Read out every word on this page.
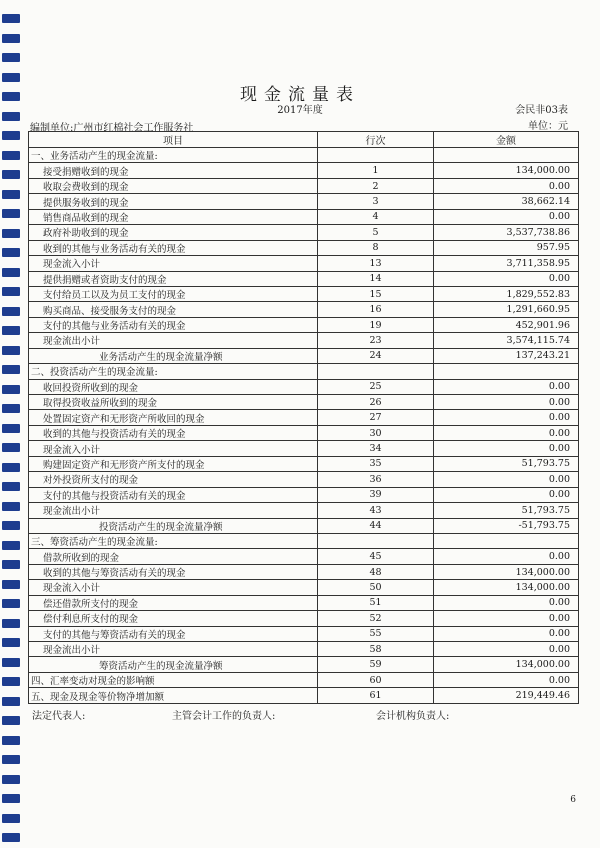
现金流量表
2017年度	会民非03表
编制单位:广州市红棉社会工作服务社	单位：元
项目	行次	金额
一、业务活动产生的现金流量:		
接受捐赠收到的现金	1	134,000.00
收取会费收到的现金	2	0.00
提供服务收到的现金	3	38,662.14
销售商品收到的现金	4	0.00
政府补助收到的现金	5	3,537,738.86
收到的其他与业务活动有关的现金	8	957.95
现金流入小计	13	3,711,358.95
提供捐赠或者资助支付的现金	14	0.00
支付给员工以及为员工支付的现金	15	1,829,552.83
购买商品、接受服务支付的现金	16	1,291,660.95
支付的其他与业务活动有关的现金	19	452,901.96
现金流出小计	23	3,574,115.74
业务活动产生的现金流量净额	24	137,243.21
二、投资活动产生的现金流量:		
收回投资所收到的现金	25	0.00
取得投资收益所收到的现金	26	0.00
处置固定资产和无形资产所收回的现金	27	0.00
收到的其他与投资活动有关的现金	30	0.00
现金流入小计	34	0.00
购建固定资产和无形资产所支付的现金	35	51,793.75
对外投资所支付的现金	36	0.00
支付的其他与投资活动有关的现金	39	0.00
现金流出小计	43	51,793.75
投资活动产生的现金流量净额	44	-51,793.75
三、筹资活动产生的现金流量:		
借款所收到的现金	45	0.00
收到的其他与筹资活动有关的现金	48	134,000.00
现金流入小计	50	134,000.00
偿还借款所支付的现金	51	0.00
偿付利息所支付的现金	52	0.00
支付的其他与筹资活动有关的现金	55	0.00
现金流出小计	58	0.00
筹资活动产生的现金流量净额	59	134,000.00
四、汇率变动对现金的影响额	60	0.00
五、现金及现金等价物净增加额	61	219,449.46
法定代表人:	主管会计工作的负责人:	会计机构负责人:
6
